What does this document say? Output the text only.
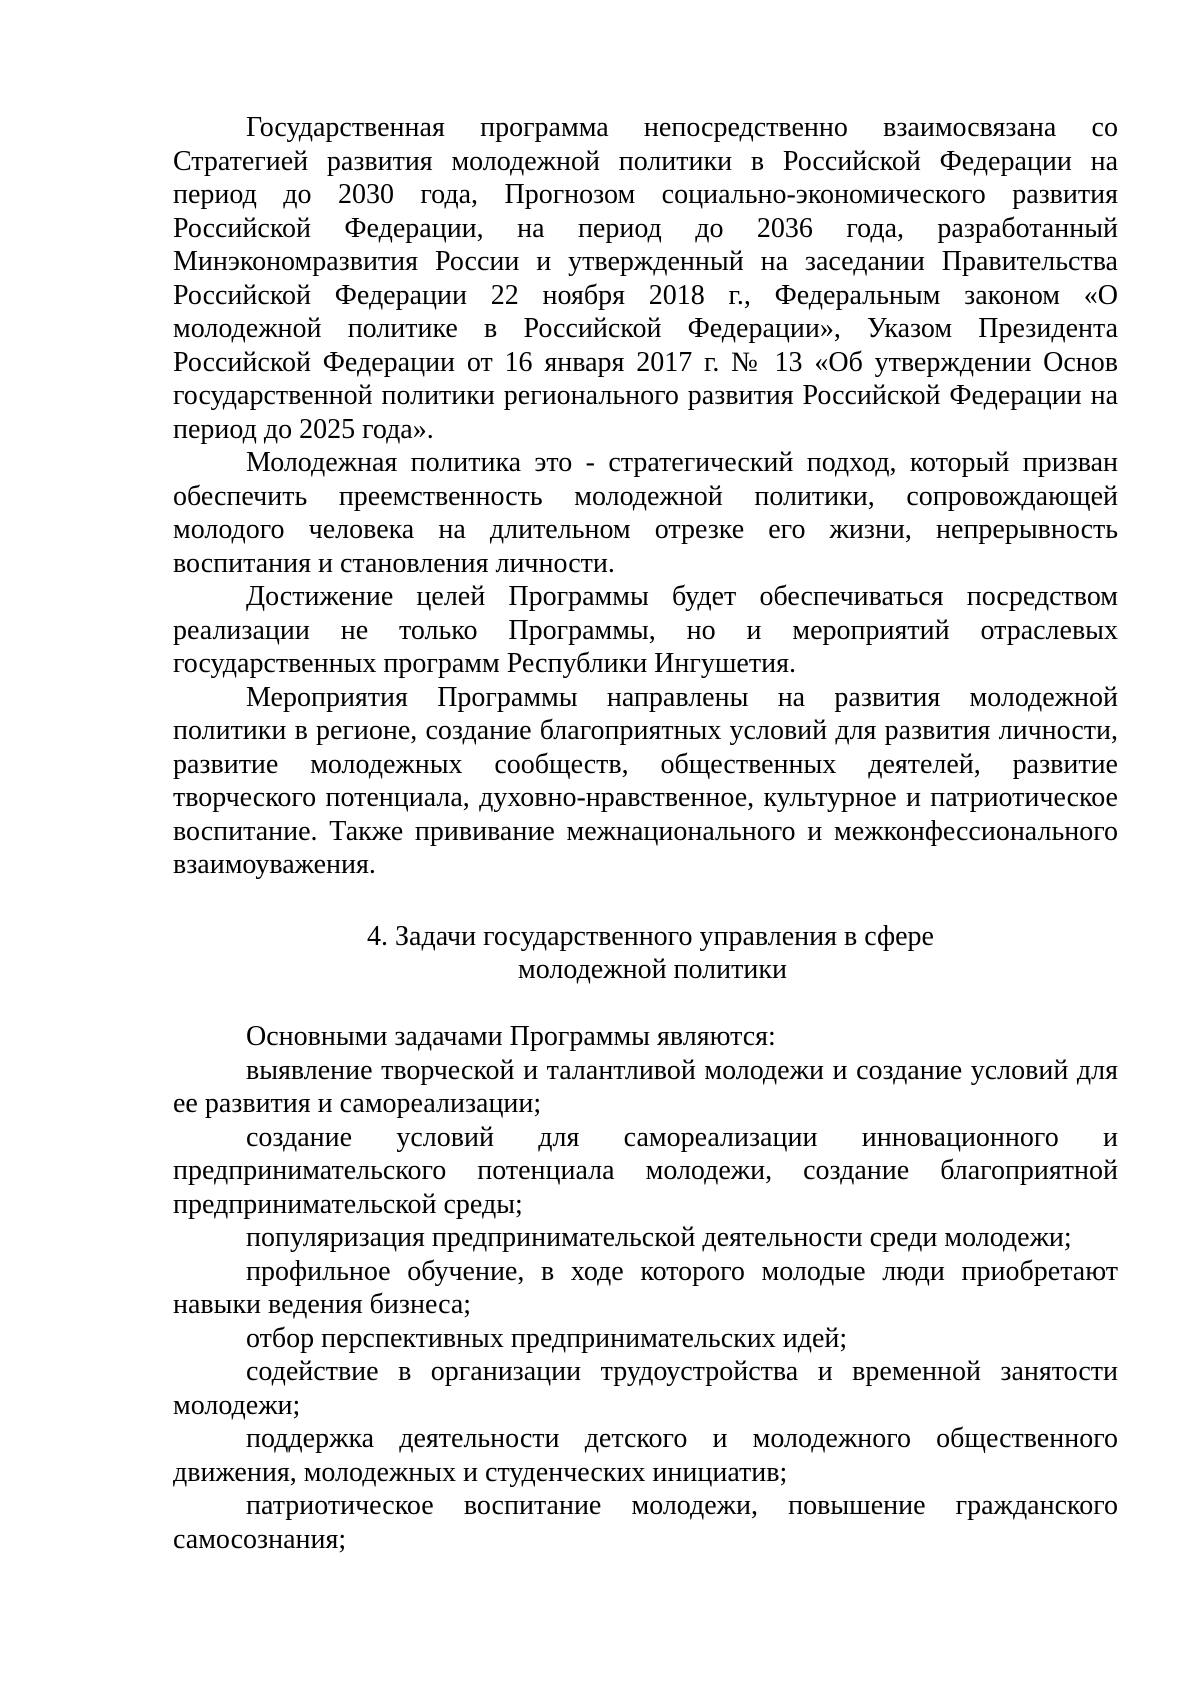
Государственная программа непосредственно взаимосвязана со Стратегией развития молодежной политики в Российской Федерации на период до 2030 года, Прогнозом социально-экономического развития Российской Федерации, на период до 2036 года, разработанный Минэкономразвития России и утвержденный на заседании Правительства Российской Федерации 22 ноября 2018 г., Федеральным законом «О молодежной политике в Российской Федерации», Указом Президента Российской Федерации от 16 января 2017 г. № 13 «Об утверждении Основ государственной политики регионального развития Российской Федерации на период до 2025 года».

Молодежная политика это - стратегический подход, который призван обеспечить преемственность молодежной политики, сопровождающей молодого человека на длительном отрезке его жизни, непрерывность воспитания и становления личности.

Достижение целей Программы будет обеспечиваться посредством реализации не только Программы, но и мероприятий отраслевых государственных программ Республики Ингушетия.

Мероприятия Программы направлены на развития молодежной политики в регионе, создание благоприятных условий для развития личности, развитие молодежных сообществ, общественных деятелей, развитие творческого потенциала, духовно-нравственное, культурное и патриотическое воспитание. Также прививание межнационального и межконфессионального взаимоуважения.

4. Задачи государственного управления в сфере
молодежной политики

Основными задачами Программы являются:

выявление творческой и талантливой молодежи и создание условий для ее развития и самореализации;

создание условий для самореализации инновационного и предпринимательского потенциала молодежи, создание благоприятной предпринимательской среды;

популяризация предпринимательской деятельности среди молодежи;

профильное обучение, в ходе которого молодые люди приобретают навыки ведения бизнеса;

отбор перспективных предпринимательских идей;

содействие в организации трудоустройства и временной занятости молодежи;

поддержка деятельности детского и молодежного общественного движения, молодежных и студенческих инициатив;

патриотическое воспитание молодежи, повышение гражданского самосознания;
